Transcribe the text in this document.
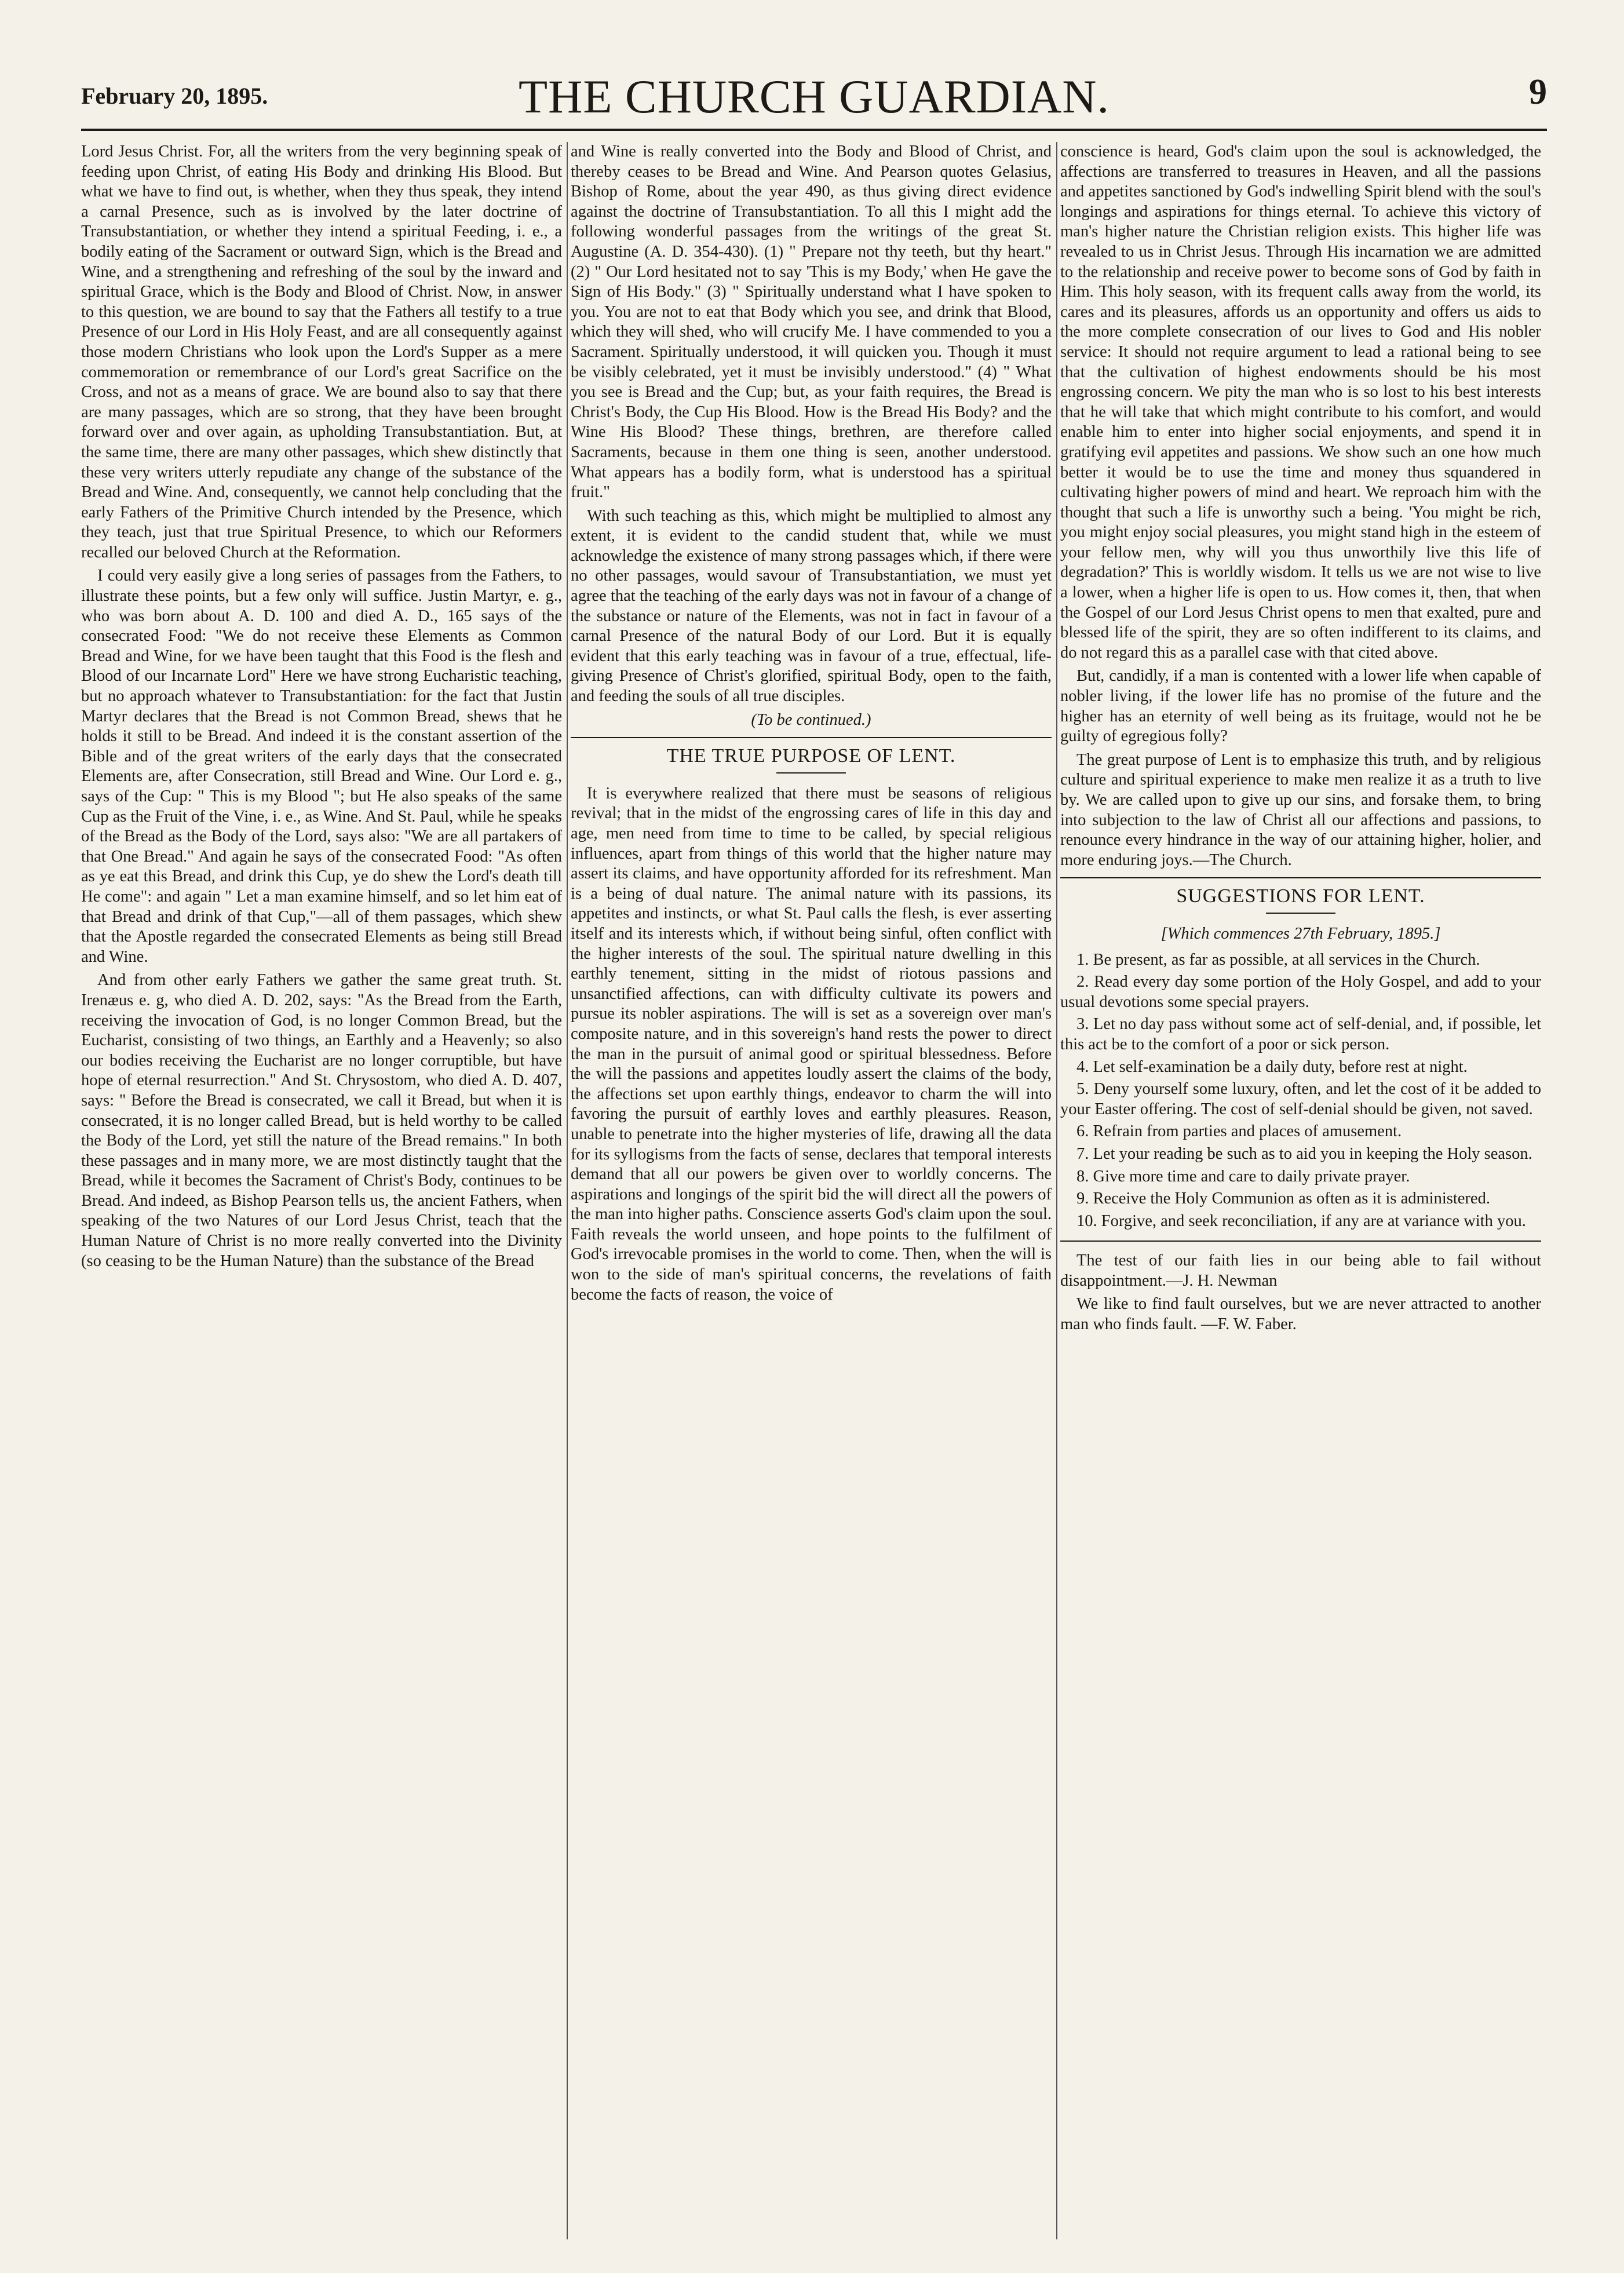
February 20, 1895.	THE CHURCH GUARDIAN.	9

Lord Jesus Christ. For, all the writers from the very beginning speak of feeding upon Christ, of eating His Body and drinking His Blood. But what we have to find out, is whether, when they thus speak, they intend a carnal Presence, such as is involved by the later doctrine of Transubstantiation, or whether they intend a spiritual Feeding, i. e., a bodily eating of the Sacrament or outward Sign, which is the Bread and Wine, and a strengthening and refreshing of the soul by the inward and spiritual Grace, which is the Body and Blood of Christ. Now, in answer to this question, we are bound to say that the Fathers all testify to a true Presence of our Lord in His Holy Feast, and are all consequently against those modern Christians who look upon the Lord's Supper as a mere commemoration or remembrance of our Lord's great Sacrifice on the Cross, and not as a means of grace. We are bound also to say that there are many passages, which are so strong, that they have been brought forward over and over again, as upholding Transubstantiation. But, at the same time, there are many other passages, which shew distinctly that these very writers utterly repudiate any change of the substance of the Bread and Wine. And, consequently, we cannot help concluding that the early Fathers of the Primitive Church intended by the Presence, which they teach, just that true Spiritual Presence, to which our Reformers recalled our beloved Church at the Reformation.

I could very easily give a long series of passages from the Fathers, to illustrate these points, but a few only will suffice. Justin Martyr, e. g., who was born about A. D. 100 and died A. D., 165 says of the consecrated Food: "We do not receive these Elements as Common Bread and Wine, for we have been taught that this Food is the flesh and Blood of our Incarnate Lord" Here we have strong Eucharistic teaching, but no approach whatever to Transubstantiation: for the fact that Justin Martyr declares that the Bread is not Common Bread, shews that he holds it still to be Bread. And indeed it is the constant assertion of the Bible and of the great writers of the early days that the consecrated Elements are, after Consecration, still Bread and Wine. Our Lord e. g., says of the Cup: " This is my Blood "; but He also speaks of the same Cup as the Fruit of the Vine, i. e., as Wine. And St. Paul, while he speaks of the Bread as the Body of the Lord, says also: "We are all partakers of that One Bread." And again he says of the consecrated Food: "As often as ye eat this Bread, and drink this Cup, ye do shew the Lord's death till He come": and again " Let a man examine himself, and so let him eat of that Bread and drink of that Cup,"—all of them passages, which shew that the Apostle regarded the consecrated Elements as being still Bread and Wine.

And from other early Fathers we gather the same great truth. St. Irenæus e. g, who died A. D. 202, says: "As the Bread from the Earth, receiving the invocation of God, is no longer Common Bread, but the Eucharist, consisting of two things, an Earthly and a Heavenly; so also our bodies receiving the Eucharist are no longer corruptible, but have hope of eternal resurrection." And St. Chrysostom, who died A. D. 407, says: " Before the Bread is consecrated, we call it Bread, but when it is consecrated, it is no longer called Bread, but is held worthy to be called the Body of the Lord, yet still the nature of the Bread remains." In both these passages and in many more, we are most distinctly taught that the Bread, while it becomes the Sacrament of Christ's Body, continues to be Bread. And indeed, as Bishop Pearson tells us, the ancient Fathers, when speaking of the two Natures of our Lord Jesus Christ, teach that the Human Nature of Christ is no more really converted into the Divinity (so ceasing to be the Human Nature) than the substance of the Bread

and Wine is really converted into the Body and Blood of Christ, and thereby ceases to be Bread and Wine. And Pearson quotes Gelasius, Bishop of Rome, about the year 490, as thus giving direct evidence against the doctrine of Transubstantiation. To all this I might add the following wonderful passages from the writings of the great St. Augustine (A. D. 354-430). (1) " Prepare not thy teeth, but thy heart." (2) " Our Lord hesitated not to say 'This is my Body,' when He gave the Sign of His Body." (3) " Spiritually understand what I have spoken to you. You are not to eat that Body which you see, and drink that Blood, which they will shed, who will crucify Me. I have commended to you a Sacrament. Spiritually understood, it will quicken you. Though it must be visibly celebrated, yet it must be invisibly understood." (4) " What you see is Bread and the Cup; but, as your faith requires, the Bread is Christ's Body, the Cup His Blood. How is the Bread His Body? and the Wine His Blood? These things, brethren, are therefore called Sacraments, because in them one thing is seen, another understood. What appears has a bodily form, what is understood has a spiritual fruit."

With such teaching as this, which might be multiplied to almost any extent, it is evident to the candid student that, while we must acknowledge the existence of many strong passages which, if there were no other passages, would savour of Transubstantiation, we must yet agree that the teaching of the early days was not in favour of a change of the substance or nature of the Elements, was not in fact in favour of a carnal Presence of the natural Body of our Lord. But it is equally evident that this early teaching was in favour of a true, effectual, life-giving Presence of Christ's glorified, spiritual Body, open to the faith, and feeding the souls of all true disciples.

(To be continued.)
THE TRUE PURPOSE OF LENT.

It is everywhere realized that there must be seasons of religious revival; that in the midst of the engrossing cares of life in this day and age, men need from time to time to be called, by special religious influences, apart from things of this world that the higher nature may assert its claims, and have opportunity afforded for its refreshment. Man is a being of dual nature. The animal nature with its passions, its appetites and instincts, or what St. Paul calls the flesh, is ever asserting itself and its interests which, if without being sinful, often conflict with the higher interests of the soul. The spiritual nature dwelling in this earthly tenement, sitting in the midst of riotous passions and unsanctified affections, can with difficulty cultivate its powers and pursue its nobler aspirations. The will is set as a sovereign over man's composite nature, and in this sovereign's hand rests the power to direct the man in the pursuit of animal good or spiritual blessedness. Before the will the passions and appetites loudly assert the claims of the body, the affections set upon earthly things, endeavor to charm the will into favoring the pursuit of earthly loves and earthly pleasures. Reason, unable to penetrate into the higher mysteries of life, drawing all the data for its syllogisms from the facts of sense, declares that temporal interests demand that all our powers be given over to worldly concerns. The aspirations and longings of the spirit bid the will direct all the powers of the man into higher paths. Conscience asserts God's claim upon the soul. Faith reveals the world unseen, and hope points to the fulfilment of God's irrevocable promises in the world to come. Then, when the will is won to the side of man's spiritual concerns, the revelations of faith become the facts of reason, the voice of

conscience is heard, God's claim upon the soul is acknowledged, the affections are transferred to treasures in Heaven, and all the passions and appetites sanctioned by God's indwelling Spirit blend with the soul's longings and aspirations for things eternal. To achieve this victory of man's higher nature the Christian religion exists. This higher life was revealed to us in Christ Jesus. Through His incarnation we are admitted to the relationship and receive power to become sons of God by faith in Him. This holy season, with its frequent calls away from the world, its cares and its pleasures, affords us an opportunity and offers us aids to the more complete consecration of our lives to God and His nobler service: It should not require argument to lead a rational being to see that the cultivation of highest endowments should be his most engrossing concern. We pity the man who is so lost to his best interests that he will take that which might contribute to his comfort, and would enable him to enter into higher social enjoyments, and spend it in gratifying evil appetites and passions. We show such an one how much better it would be to use the time and money thus squandered in cultivating higher powers of mind and heart. We reproach him with the thought that such a life is unworthy such a being. 'You might be rich, you might enjoy social pleasures, you might stand high in the esteem of your fellow men, why will you thus unworthily live this life of degradation?' This is worldly wisdom. It tells us we are not wise to live a lower, when a higher life is open to us. How comes it, then, that when the Gospel of our Lord Jesus Christ opens to men that exalted, pure and blessed life of the spirit, they are so often indifferent to its claims, and do not regard this as a parallel case with that cited above.

But, candidly, if a man is contented with a lower life when capable of nobler living, if the lower life has no promise of the future and the higher has an eternity of well being as its fruitage, would not he be guilty of egregious folly?

The great purpose of Lent is to emphasize this truth, and by religious culture and spiritual experience to make men realize it as a truth to live by. We are called upon to give up our sins, and forsake them, to bring into subjection to the law of Christ all our affections and passions, to renounce every hindrance in the way of our attaining higher, holier, and more enduring joys.—The Church.

SUGGESTIONS FOR LENT.
[Which commences 27th February, 1895.]

1. Be present, as far as possible, at all services in the Church.

2. Read every day some portion of the Holy Gospel, and add to your usual devotions some special prayers.

3. Let no day pass without some act of self-denial, and, if possible, let this act be to the comfort of a poor or sick person.

4. Let self-examination be a daily duty, before rest at night.

5. Deny yourself some luxury, often, and let the cost of it be added to your Easter offering. The cost of self-denial should be given, not saved.

6. Refrain from parties and places of amusement.

7. Let your reading be such as to aid you in keeping the Holy season.

8. Give more time and care to daily private prayer.

9. Receive the Holy Communion as often as it is administered.

10. Forgive, and seek reconciliation, if any are at variance with you.

The test of our faith lies in our being able to fail without disappointment.—J. H. Newman

We like to find fault ourselves, but we are never attracted to another man who finds fault. —F. W. Faber.
